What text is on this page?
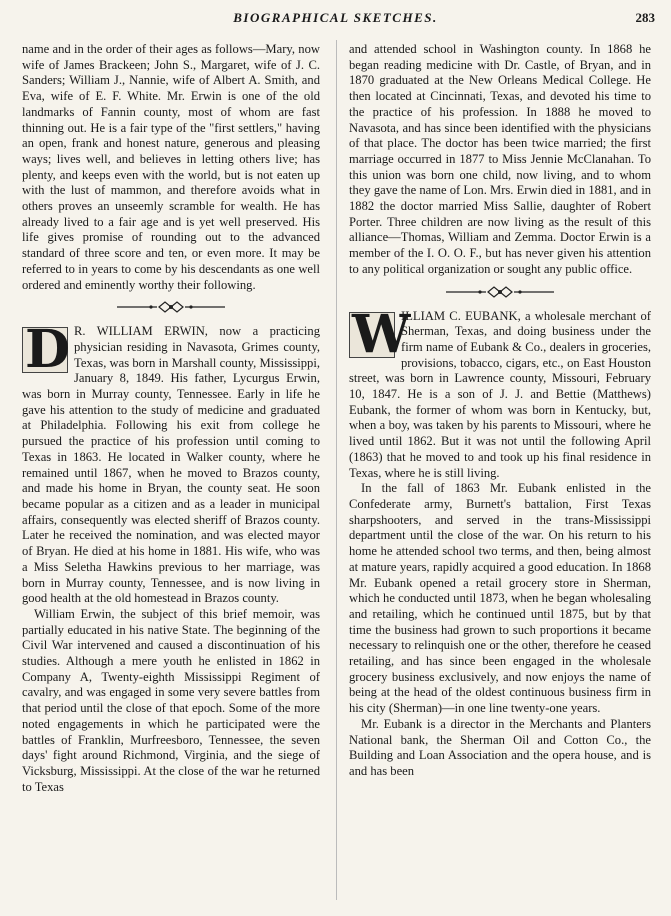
BIOGRAPHICAL SKETCHES.	283

name and in the order of their ages as follows—Mary, now wife of James Brackeen; John S., Margaret, wife of J. C. Sanders; William J., Nannie, wife of Albert A. Smith, and Eva, wife of E. F. White. Mr. Erwin is one of the old landmarks of Fannin county, most of whom are fast thinning out. He is a fair type of the "first settlers," having an open, frank and honest nature, generous and pleasing ways; lives well, and believes in letting others live; has plenty, and keeps even with the world, but is not eaten up with the lust of mammon, and therefore avoids what in others proves an unseemly scramble for wealth. He has already lived to a fair age and is yet well preserved. His life gives promise of rounding out to the advanced standard of three score and ten, or even more. It may be referred to in years to come by his descendants as one well ordered and eminently worthy their following.

D R. WILLIAM ERWIN, now a practicing physician residing in Navasota, Grimes county, Texas, was born in Marshall county, Mississippi, January 8, 1849. His father, Lycurgus Erwin, was born in Murray county, Tennessee. Early in life he gave his attention to the study of medicine and graduated at Philadelphia. Following his exit from college he pursued the practice of his profession until coming to Texas in 1863. He located in Walker county, where he remained until 1867, when he moved to Brazos county, and made his home in Bryan, the county seat. He soon became popular as a citizen and as a leader in municipal affairs, consequently was elected sheriff of Brazos county. Later he received the nomination, and was elected mayor of Bryan. He died at his home in 1881. His wife, who was a Miss Seletha Hawkins previous to her marriage, was born in Murray county, Tennessee, and is now living in good health at the old homestead in Brazos county.

William Erwin, the subject of this brief memoir, was partially educated in his native State. The beginning of the Civil War intervened and caused a discontinuation of his studies. Although a mere youth he enlisted in 1862 in Company A, Twenty-eighth Mississippi Regiment of cavalry, and was engaged in some very severe battles from that period until the close of that epoch. Some of the more noted engagements in which he participated were the battles of Franklin, Murfreesboro, Tennessee, the seven days' fight around Richmond, Virginia, and the siege of Vicksburg, Mississippi. At the close of the war he returned to Texas

and attended school in Washington county. In 1868 he began reading medicine with Dr. Castle, of Bryan, and in 1870 graduated at the New Orleans Medical College. He then located at Cincinnati, Texas, and devoted his time to the practice of his profession. In 1888 he moved to Navasota, and has since been identified with the physicians of that place. The doctor has been twice married; the first marriage occurred in 1877 to Miss Jennie McClanahan. To this union was born one child, now living, and to whom they gave the name of Lon. Mrs. Erwin died in 1881, and in 1882 the doctor married Miss Sallie, daughter of Robert Porter. Three children are now living as the result of this alliance—Thomas, William and Zemma. Doctor Erwin is a member of the I. O. O. F., but has never given his attention to any political organization or sought any public office.

W
ILLIAM C. EUBANK, a wholesale merchant of Sherman, Texas, and doing business under the firm name of Eubank & Co., dealers in groceries, provisions, tobacco, cigars, etc., on East Houston street, was born in Lawrence county, Missouri, February 10, 1847. He is a son of J. J. and Bettie (Matthews) Eubank, the former of whom was born in Kentucky, but, when a boy, was taken by his parents to Missouri, where he lived until 1862. But it was not until the following April (1863) that he moved to and took up his final residence in Texas, where he is still living.

In the fall of 1863 Mr. Eubank enlisted in the Confederate army, Burnett's battalion, First Texas sharpshooters, and served in the trans-Mississippi department until the close of the war. On his return to his home he attended school two terms, and then, being almost at mature years, rapidly acquired a good education. In 1868 Mr. Eubank opened a retail grocery store in Sherman, which he conducted until 1873, when he began wholesaling and retailing, which he continued until 1875, but by that time the business had grown to such proportions it became necessary to relinquish one or the other, therefore he ceased retailing, and has since been engaged in the wholesale grocery business exclusively, and now enjoys the name of being at the head of the oldest continuous business firm in his city (Sherman)—in one line twenty-one years.

Mr. Eubank is a director in the Merchants and Planters National bank, the Sherman Oil and Cotton Co., the Building and Loan Association and the opera house, and is and has been
